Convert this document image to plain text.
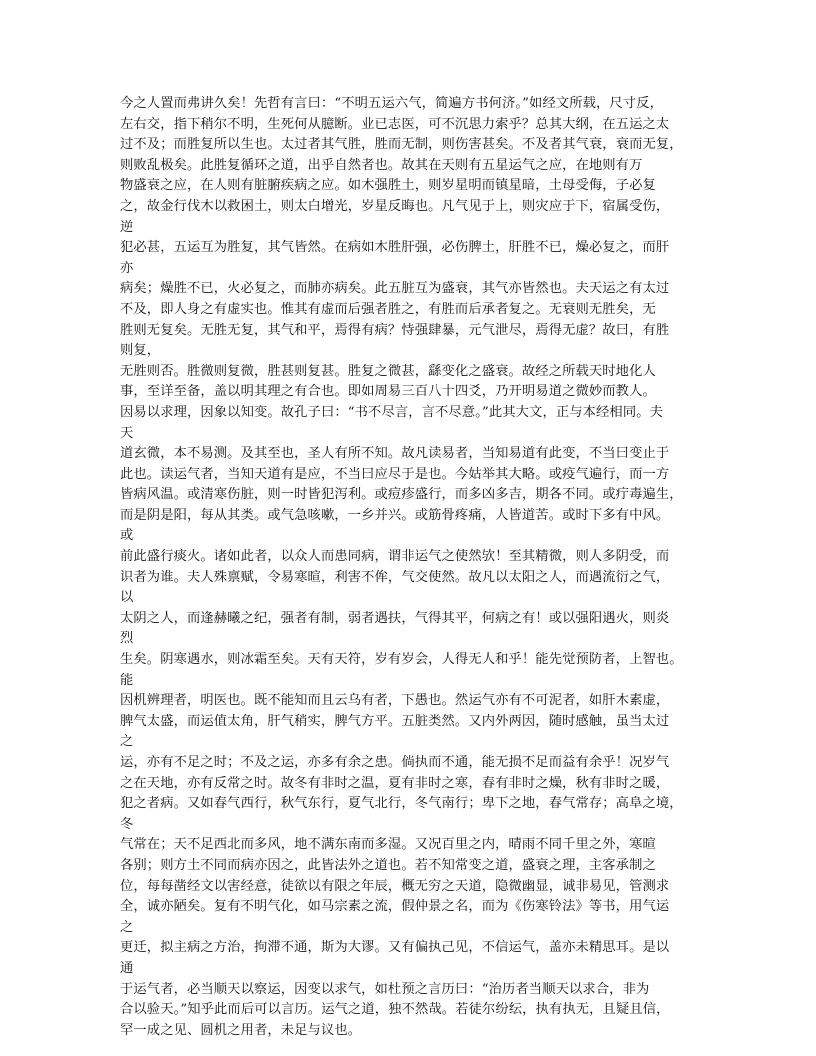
今之人置而弗讲久矣！先哲有言曰：“不明五运六气，简遍方书何济。”如经文所载，尺寸反，
左右交，指下稍尔不明，生死何从臆断。业已志医，可不沉思力索乎？总其大纲，在五运之太
过不及；而胜复所以生也。太过者其气胜，胜而无制，则伤害甚矣。不及者其气衰，衰而无复，
则败乱极矣。此胜复循环之道，出乎自然者也。故其在天则有五星运气之应，在地则有万
物盛衰之应，在人则有脏腑疾病之应。如木强胜土，则岁星明而镇星暗，土母受侮，子必复
之，故金行伐木以救困土，则太白增光，岁星反晦也。凡气见于上，则灾应于下，宿属受伤，
逆
犯必甚，五运互为胜复，其气皆然。在病如木胜肝强，必伤脾土，肝胜不已，燥必复之，而肝
亦
病矣；燥胜不已，火必复之，而肺亦病矣。此五脏互为盛衰，其气亦皆然也。夫天运之有太过
不及，即人身之有虚实也。惟其有虚而后强者胜之，有胜而后承者复之。无衰则无胜矣，无
胜则无复矣。无胜无复，其气和平，焉得有病？恃强肆暴，元气泄尽，焉得无虚？故曰，有胜
则复，
无胜则否。胜微则复微，胜甚则复甚。胜复之微甚，繇变化之盛衰。故经之所载天时地化人
事，至详至备，盖以明其理之有合也。即如周易三百八十四爻，乃开明易道之微妙而教人。
因易以求理，因象以知变。故孔子曰：“书不尽言，言不尽意。”此其大文，正与本经相同。夫
天
道玄微，本不易测。及其至也，圣人有所不知。故凡读易者，当知易道有此变，不当曰变止于
此也。读运气者，当知天道有是应，不当曰应尽于是也。今姑举其大略。或疫气遍行，而一方
皆病风温。或清寒伤脏，则一时皆犯泻利。或痘疹盛行，而多凶多吉，期各不同。或疔毒遍生，
而是阴是阳，每从其类。或气急咳嗽，一乡并兴。或筋骨疼痛，人皆道苦。或时下多有中风。
或
前此盛行痰火。诸如此者，以众人而患同病，谓非运气之使然欤！至其精微，则人多阴受，而
识者为谁。夫人殊禀赋，令易寒暄，利害不侔，气交使然。故凡以太阳之人，而遇流衍之气，
以
太阴之人，而逢赫曦之纪，强者有制，弱者遇扶，气得其平，何病之有！或以强阳遇火，则炎
烈
生矣。阴寒遇水，则冰霜至矣。天有天符，岁有岁会，人得无人和乎！能先觉预防者，上智也。
能
因机辨理者，明医也。既不能知而且云乌有者，下愚也。然运气亦有不可泥者，如肝木素虚，
脾气太盛，而运值太角，肝气稍实，脾气方平。五脏类然。又内外两因，随时感触，虽当太过
之
运，亦有不足之时；不及之运，亦多有余之患。倘执而不通，能无损不足而益有余乎！况岁气
之在天地，亦有反常之时。故冬有非时之温，夏有非时之寒，春有非时之燥，秋有非时之暖，
犯之者病。又如春气西行，秋气东行，夏气北行，冬气南行；卑下之地，春气常存；高阜之境，
冬
气常在；天不足西北而多风，地不满东南而多湿。又况百里之内，晴雨不同千里之外，寒暄
各别；则方土不同而病亦因之，此皆法外之道也。若不知常变之道，盛衰之理，主客承制之
位，每每凿经文以害经意，徒欲以有限之年辰，概无穷之天道，隐微幽显，诚非易见，管测求
全，诚亦陋矣。复有不明气化，如马宗素之流，假仲景之名，而为《伤寒铃法》等书，用气运
之
更迁，拟主病之方治，拘滞不通，斯为大谬。又有偏执己见，不信运气，盖亦未精思耳。是以
通
于运气者，必当顺天以察运，因变以求气，如杜预之言历曰：“治历者当顺天以求合，非为
合以验天。”知乎此而后可以言历。运气之道，独不然哉。若徒尔纷纭，执有执无，且疑且信，
罕一成之见、圆机之用者，未足与议也。
